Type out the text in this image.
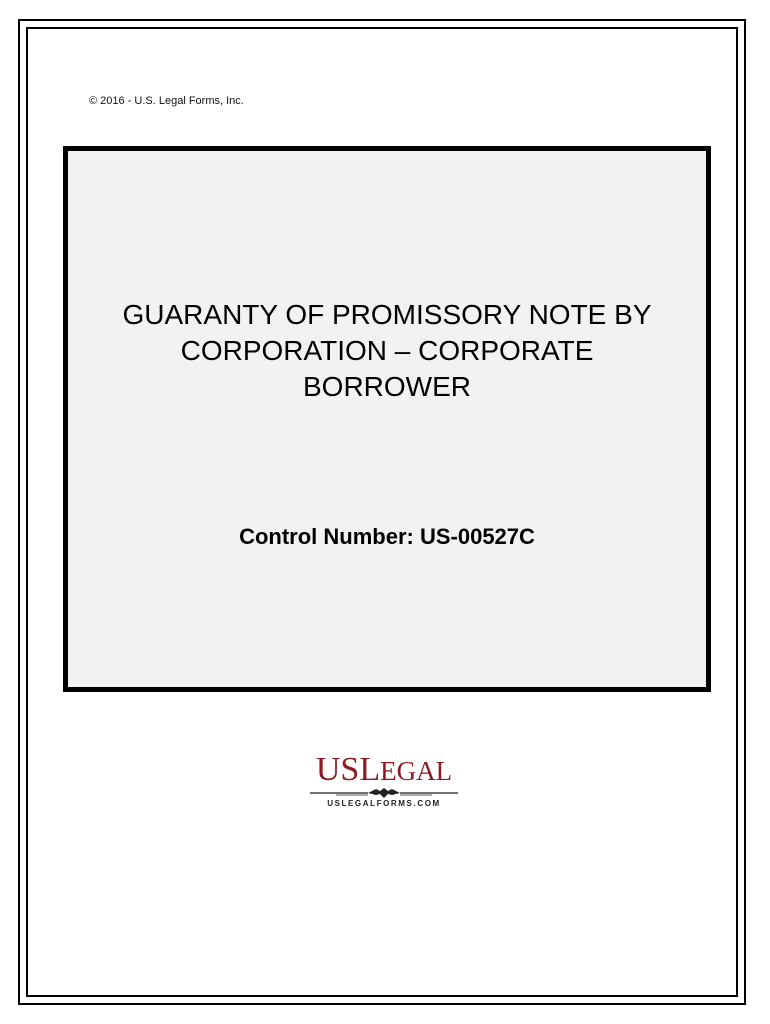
© 2016 - U.S. Legal Forms, Inc.
GUARANTY OF PROMISSORY NOTE BY
CORPORATION – CORPORATE
BORROWER
Control Number: US-00527C
USLEGAL
USLEGALFORMS.COM
